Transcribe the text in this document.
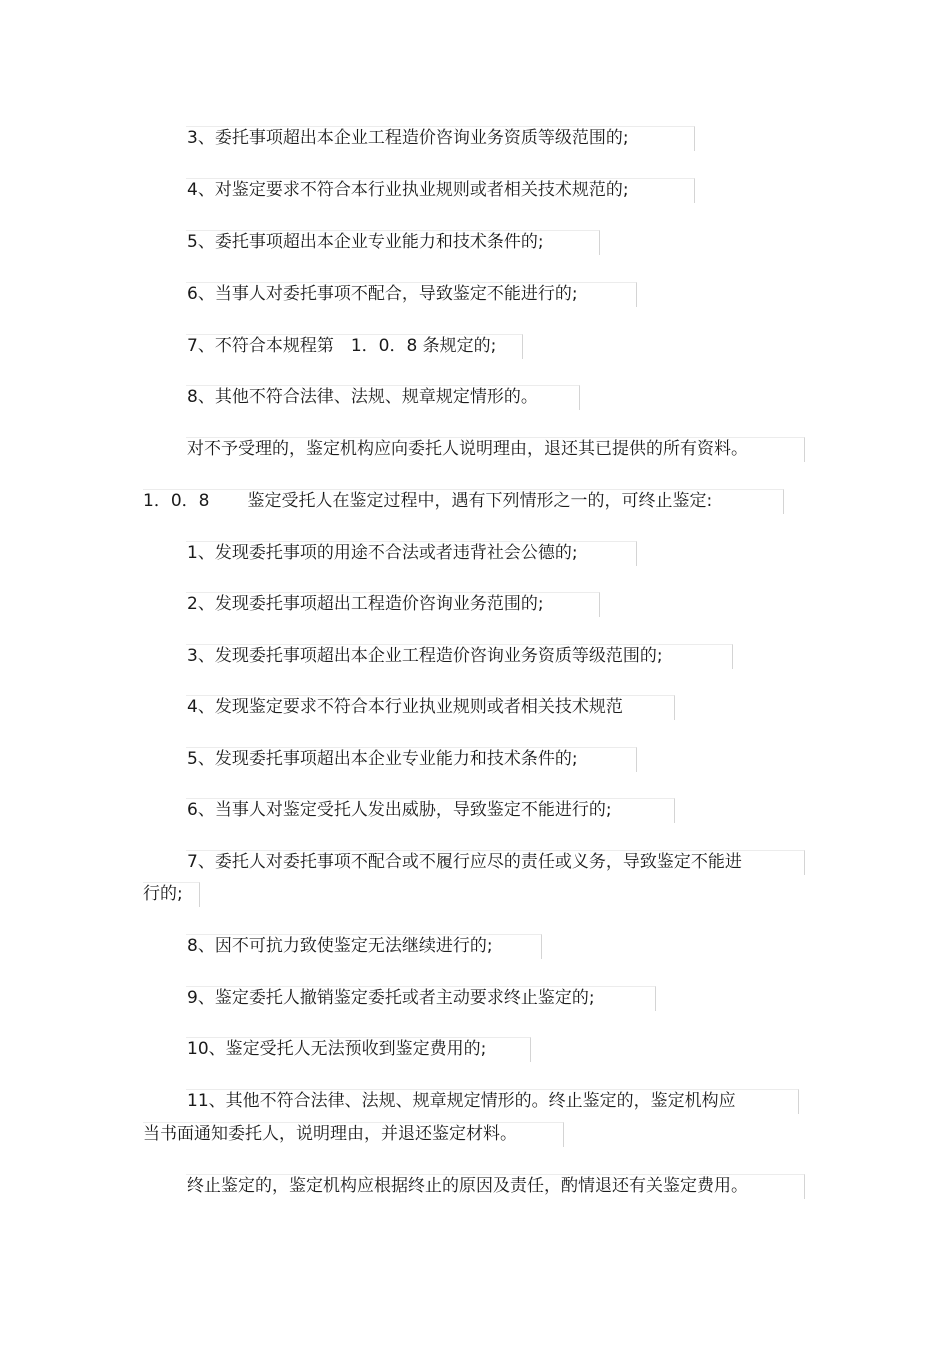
3、委托事项超出本企业工程造价咨询业务资质等级范围的;
4、对鉴定要求不符合本行业执业规则或者相关技术规范的;
5、委托事项超出本企业专业能力和技术条件的;
6、当事人对委托事项不配合，导致鉴定不能进行的;
7、不符合本规程第　1．0．8 条规定的;
8、其他不符合法律、法规、规章规定情形的。
对不予受理的，鉴定机构应向委托人说明理由，退还其已提供的所有资料。
1．0．8 鉴定受托人在鉴定过程中，遇有下列情形之一的，可终止鉴定:
1、发现委托事项的用途不合法或者违背社会公德的;
2、发现委托事项超出工程造价咨询业务范围的;
3、发现委托事项超出本企业工程造价咨询业务资质等级范围的;
4、发现鉴定要求不符合本行业执业规则或者相关技术规范
5、发现委托事项超出本企业专业能力和技术条件的;
6、当事人对鉴定受托人发出威胁，导致鉴定不能进行的;
7、委托人对委托事项不配合或不履行应尽的责任或义务，导致鉴定不能进
行的;
8、因不可抗力致使鉴定无法继续进行的;
9、鉴定委托人撤销鉴定委托或者主动要求终止鉴定的;
10、鉴定受托人无法预收到鉴定费用的;
11、其他不符合法律、法规、规章规定情形的。终止鉴定的，鉴定机构应
当书面通知委托人，说明理由，并退还鉴定材料。
终止鉴定的，鉴定机构应根据终止的原因及责任，酌情退还有关鉴定费用。
